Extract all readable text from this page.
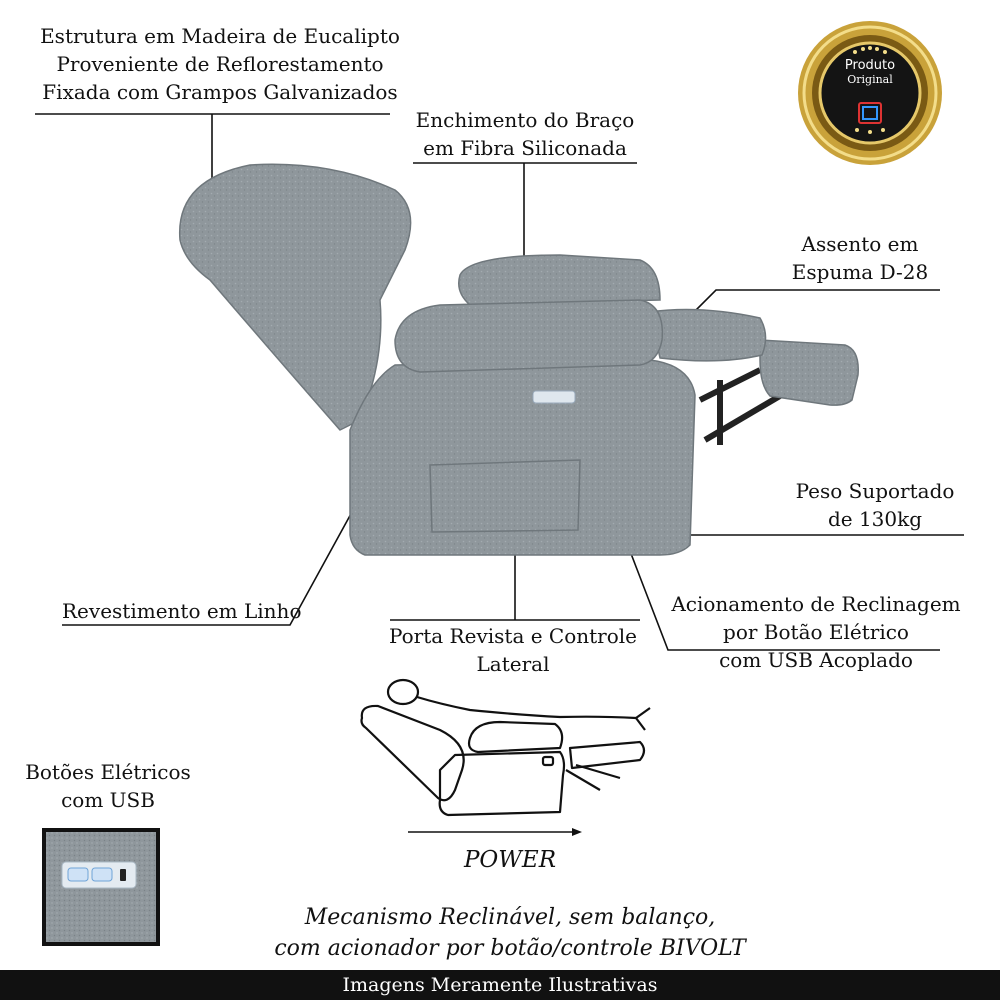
Estrutura em Madeira de Eucalipto
Proveniente de Reflorestamento
Fixada com Grampos Galvanizados
Enchimento do Braço
em Fibra Siliconada
Assento em
Espuma D-28
Peso Suportado
de 130kg
Acionamento de Reclinagem
por Botão Elétrico
com USB Acoplado
Revestimento em Linho
Porta Revista e Controle
Lateral
Botões Elétricos
com USB
Produto
Original
POWER
Mecanismo Reclinável, sem balanço,
com acionador por botão/controle BIVOLT
Imagens Meramente Ilustrativas
